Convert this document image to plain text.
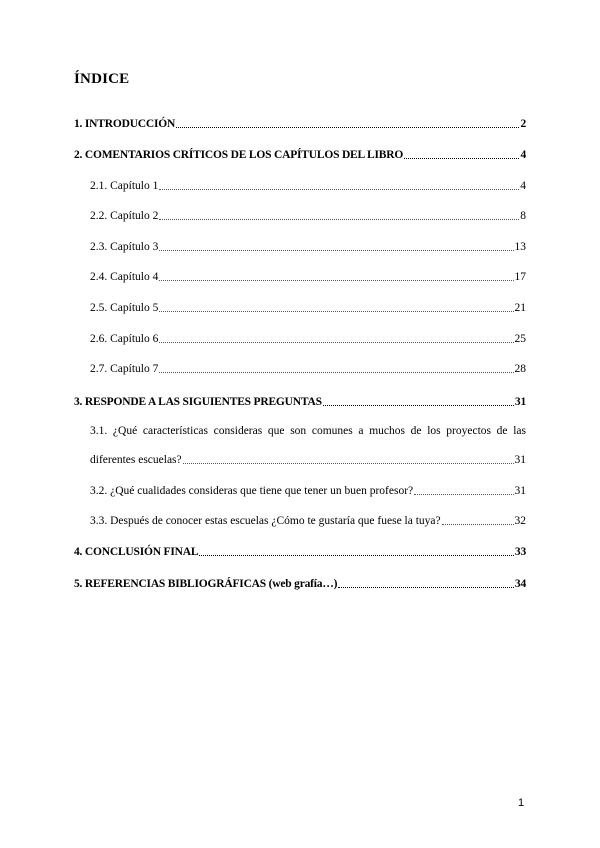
ÍNDICE
1. INTRODUCCIÓN	2
2. COMENTARIOS CRÍTICOS DE LOS CAPÍTULOS DEL LIBRO	4
2.1. Capítulo 1	4
2.2. Capítulo 2	8
2.3. Capítulo 3	13
2.4. Capítulo 4	17
2.5. Capítulo 5	21
2.6. Capítulo 6	25
2.7. Capítulo 7	28
3. RESPONDE A LAS SIGUIENTES PREGUNTAS	31
3.1. ¿Qué características consideras que son comunes a muchos de los proyectos de las
diferentes escuelas?	31
3.2. ¿Qué cualidades consideras que tiene que tener un buen profesor?	31
3.3. Después de conocer estas escuelas ¿Cómo te gustaría que fuese la tuya?	32
4. CONCLUSIÓN FINAL	33
5. REFERENCIAS BIBLIOGRÁFICAS (web grafía…)	34
1
